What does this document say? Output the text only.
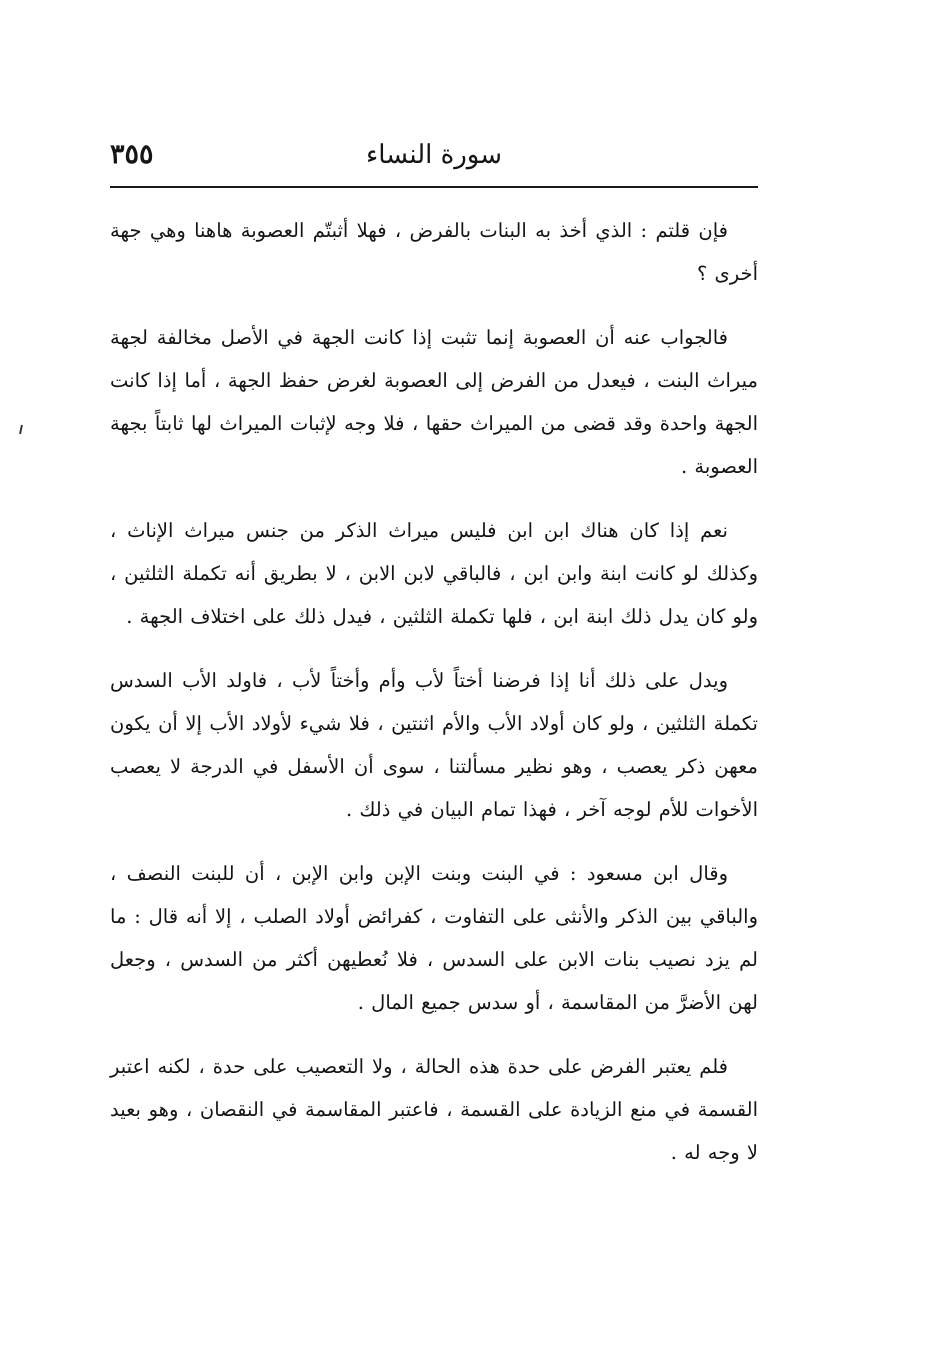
سورة النساء
٣٥٥

فإن قلتم : الذي أخذ به البنات بالفرض ، فهلا أثبتّم العصوبة هاهنا وهي جهة أخرى ؟

فالجواب عنه أن العصوبة إنما تثبت إذا كانت الجهة في الأصل مخالفة لجهة ميراث البنت ، فيعدل من الفرض إلى العصوبة لغرض حفظ الجهة ، أما إذا كانت الجهة واحدة وقد قضى من الميراث حقها ، فلا وجه لإثبات الميراث لها ثابتاً بجهة العصوبة .

نعم إذا كان هناك ابن ابن فليس ميراث الذكر من جنس ميراث الإناث ، وكذلك لو كانت ابنة وابن ابن ، فالباقي لابن الابن ، لا بطريق أنه تكملة الثلثين ، ولو كان يدل ذلك ابنة ابن ، فلها تكملة الثلثين ، فيدل ذلك على اختلاف الجهة .

ويدل على ذلك أنا إذا فرضنا أختاً لأب وأم وأختاً لأب ، فاولد الأب السدس تكملة الثلثين ، ولو كان أولاد الأب والأم اثنتين ، فلا شيء لأولاد الأب إلا أن يكون معهن ذكر يعصب ، وهو نظير مسألتنا ، سوى أن الأسفل في الدرجة لا يعصب الأخوات للأم لوجه آخر ، فهذا تمام البيان في ذلك .

وقال ابن مسعود : في البنت وبنت الإبن وابن الإبن ، أن للبنت النصف ، والباقي بين الذكر والأنثى على التفاوت ، كفرائض أولاد الصلب ، إلا أنه قال : ما لم يزد نصيب بنات الابن على السدس ، فلا نُعطيهن أكثر من السدس ، وجعل لهن الأضرَّ من المقاسمة ، أو سدس جميع المال .

فلم يعتبر الفرض على حدة هذه الحالة ، ولا التعصيب على حدة ، لكنه اعتبر القسمة في منع الزيادة على القسمة ، فاعتبر المقاسمة في النقصان ، وهو بعيد لا وجه له .
